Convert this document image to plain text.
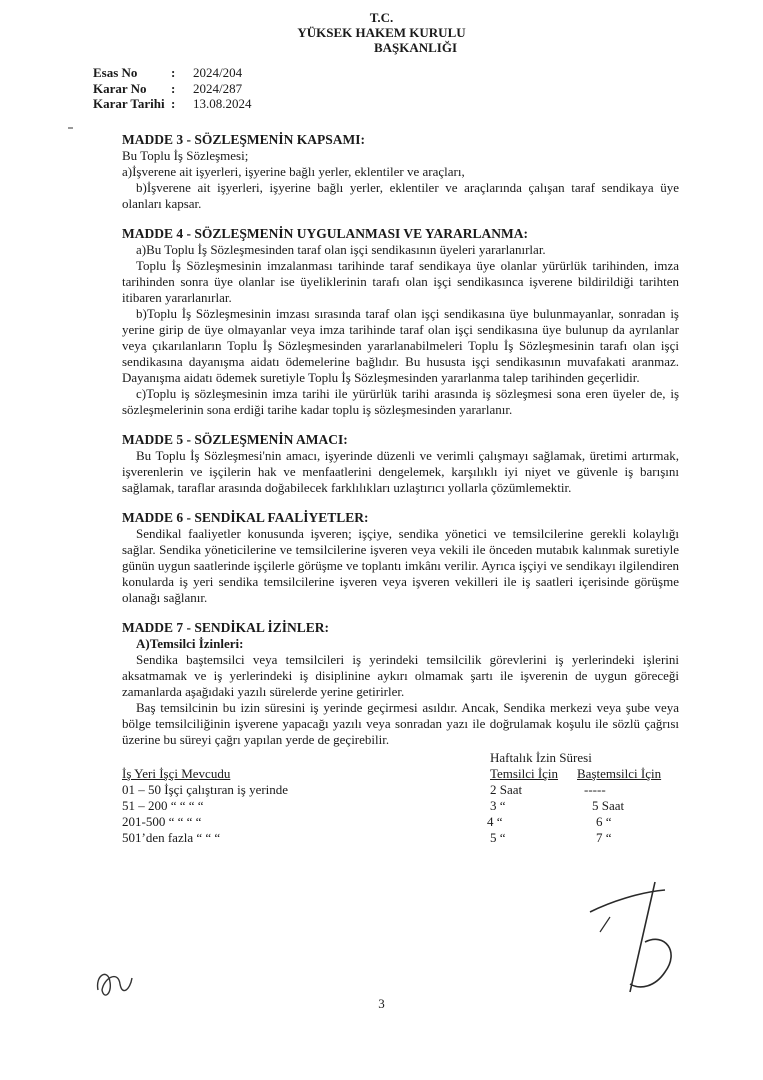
T.C.
YÜKSEK HAKEM KURULU
BAŞKANLIĞI
Esas No	:	2024/204
Karar No	:	2024/287
Karar Tarihi :	13.08.2024
MADDE 3 - SÖZLEŞMENİN KAPSAMI:

Bu Toplu İş Sözleşmesi;

a)İşverene ait işyerleri, işyerine bağlı yerler, eklentiler ve araçları,

b)İşverene ait işyerleri, işyerine bağlı yerler, eklentiler ve araçlarında çalışan taraf sendikaya üye olanları kapsar.

MADDE 4 - SÖZLEŞMENİN UYGULANMASI VE YARARLANMA:

a)Bu Toplu İş Sözleşmesinden taraf olan işçi sendikasının üyeleri yararlanırlar.

Toplu İş Sözleşmesinin imzalanması tarihinde taraf sendikaya üye olanlar yürürlük tarihinden, imza tarihinden sonra üye olanlar ise üyeliklerinin tarafı olan işçi sendikasınca işverene bildirildiği tarihten itibaren yararlanırlar.

b)Toplu İş Sözleşmesinin imzası sırasında taraf olan işçi sendikasına üye bulunmayanlar, sonradan iş yerine girip de üye olmayanlar veya imza tarihinde taraf olan işçi sendikasına üye bulunup da ayrılanlar veya çıkarılanların Toplu İş Sözleşmesinden yararlanabilmeleri Toplu İş Sözleşmesinin tarafı olan işçi sendikasına dayanışma aidatı ödemelerine bağlıdır. Bu hususta işçi sendikasının muvafakati aranmaz. Dayanışma aidatı ödemek suretiyle Toplu İş Sözleşmesinden yararlanma talep tarihinden geçerlidir.

c)Toplu iş sözleşmesinin imza tarihi ile yürürlük tarihi arasında iş sözleşmesi sona eren üyeler de, iş sözleşmelerinin sona erdiği tarihe kadar toplu iş sözleşmesinden yararlanır.

MADDE 5 - SÖZLEŞMENİN AMACI:

Bu Toplu İş Sözleşmesi'nin amacı, işyerinde düzenli ve verimli çalışmayı sağlamak, üretimi artırmak, işverenlerin ve işçilerin hak ve menfaatlerini dengelemek, karşılıklı iyi niyet ve güvenle iş barışını sağlamak, taraflar arasında doğabilecek farklılıkları uzlaştırıcı yollarla çözümlemektir.

MADDE 6 - SENDİKAL FAALİYETLER:

Sendikal faaliyetler konusunda işveren; işçiye, sendika yönetici ve temsilcilerine gerekli kolaylığı sağlar. Sendika yöneticilerine ve temsilcilerine işveren veya vekili ile önceden mutabık kalınmak suretiyle günün uygun saatlerinde işçilerle görüşme ve toplantı imkânı verilir. Ayrıca işçiyi ve sendikayı ilgilendiren konularda iş yeri sendika temsilcilerine işveren veya işveren vekilleri ile iş saatleri içerisinde görüşme olanağı sağlanır.

MADDE 7 - SENDİKAL İZİNLER:
A)Temsilci İzinleri:

Sendika baştemsilci veya temsilcileri iş yerindeki temsilcilik görevlerini iş yerlerindeki işlerini aksatmamak ve iş yerlerindeki iş disiplinine aykırı olmamak şartı ile işverenin de uygun göreceği zamanlarda aşağıdaki yazılı sürelerde yerine getirirler.

Baş temsilcinin bu izin süresini iş yerinde geçirmesi asıldır. Ancak, Sendika merkezi veya şube veya bölge temsilciliğinin işverene yapacağı yazılı veya sonradan yazı ile doğrulamak koşulu ile sözlü çağrısı üzerine bu süreyi çağrı yapılan yerde de geçirebilir.

Haftalık İzin Süresi
İş Yeri İşçi Mevcudu	Temsilci İçin Baştemsilci İçin
01 – 50 İşçi çalıştıran iş yerinde	2 Saat	-----
51 – 200 “ “ “ “	3 “	5 Saat
201-500 “ “ “ “	4 “	6 “
501’den fazla “ “ “	5 “	7 “
3
